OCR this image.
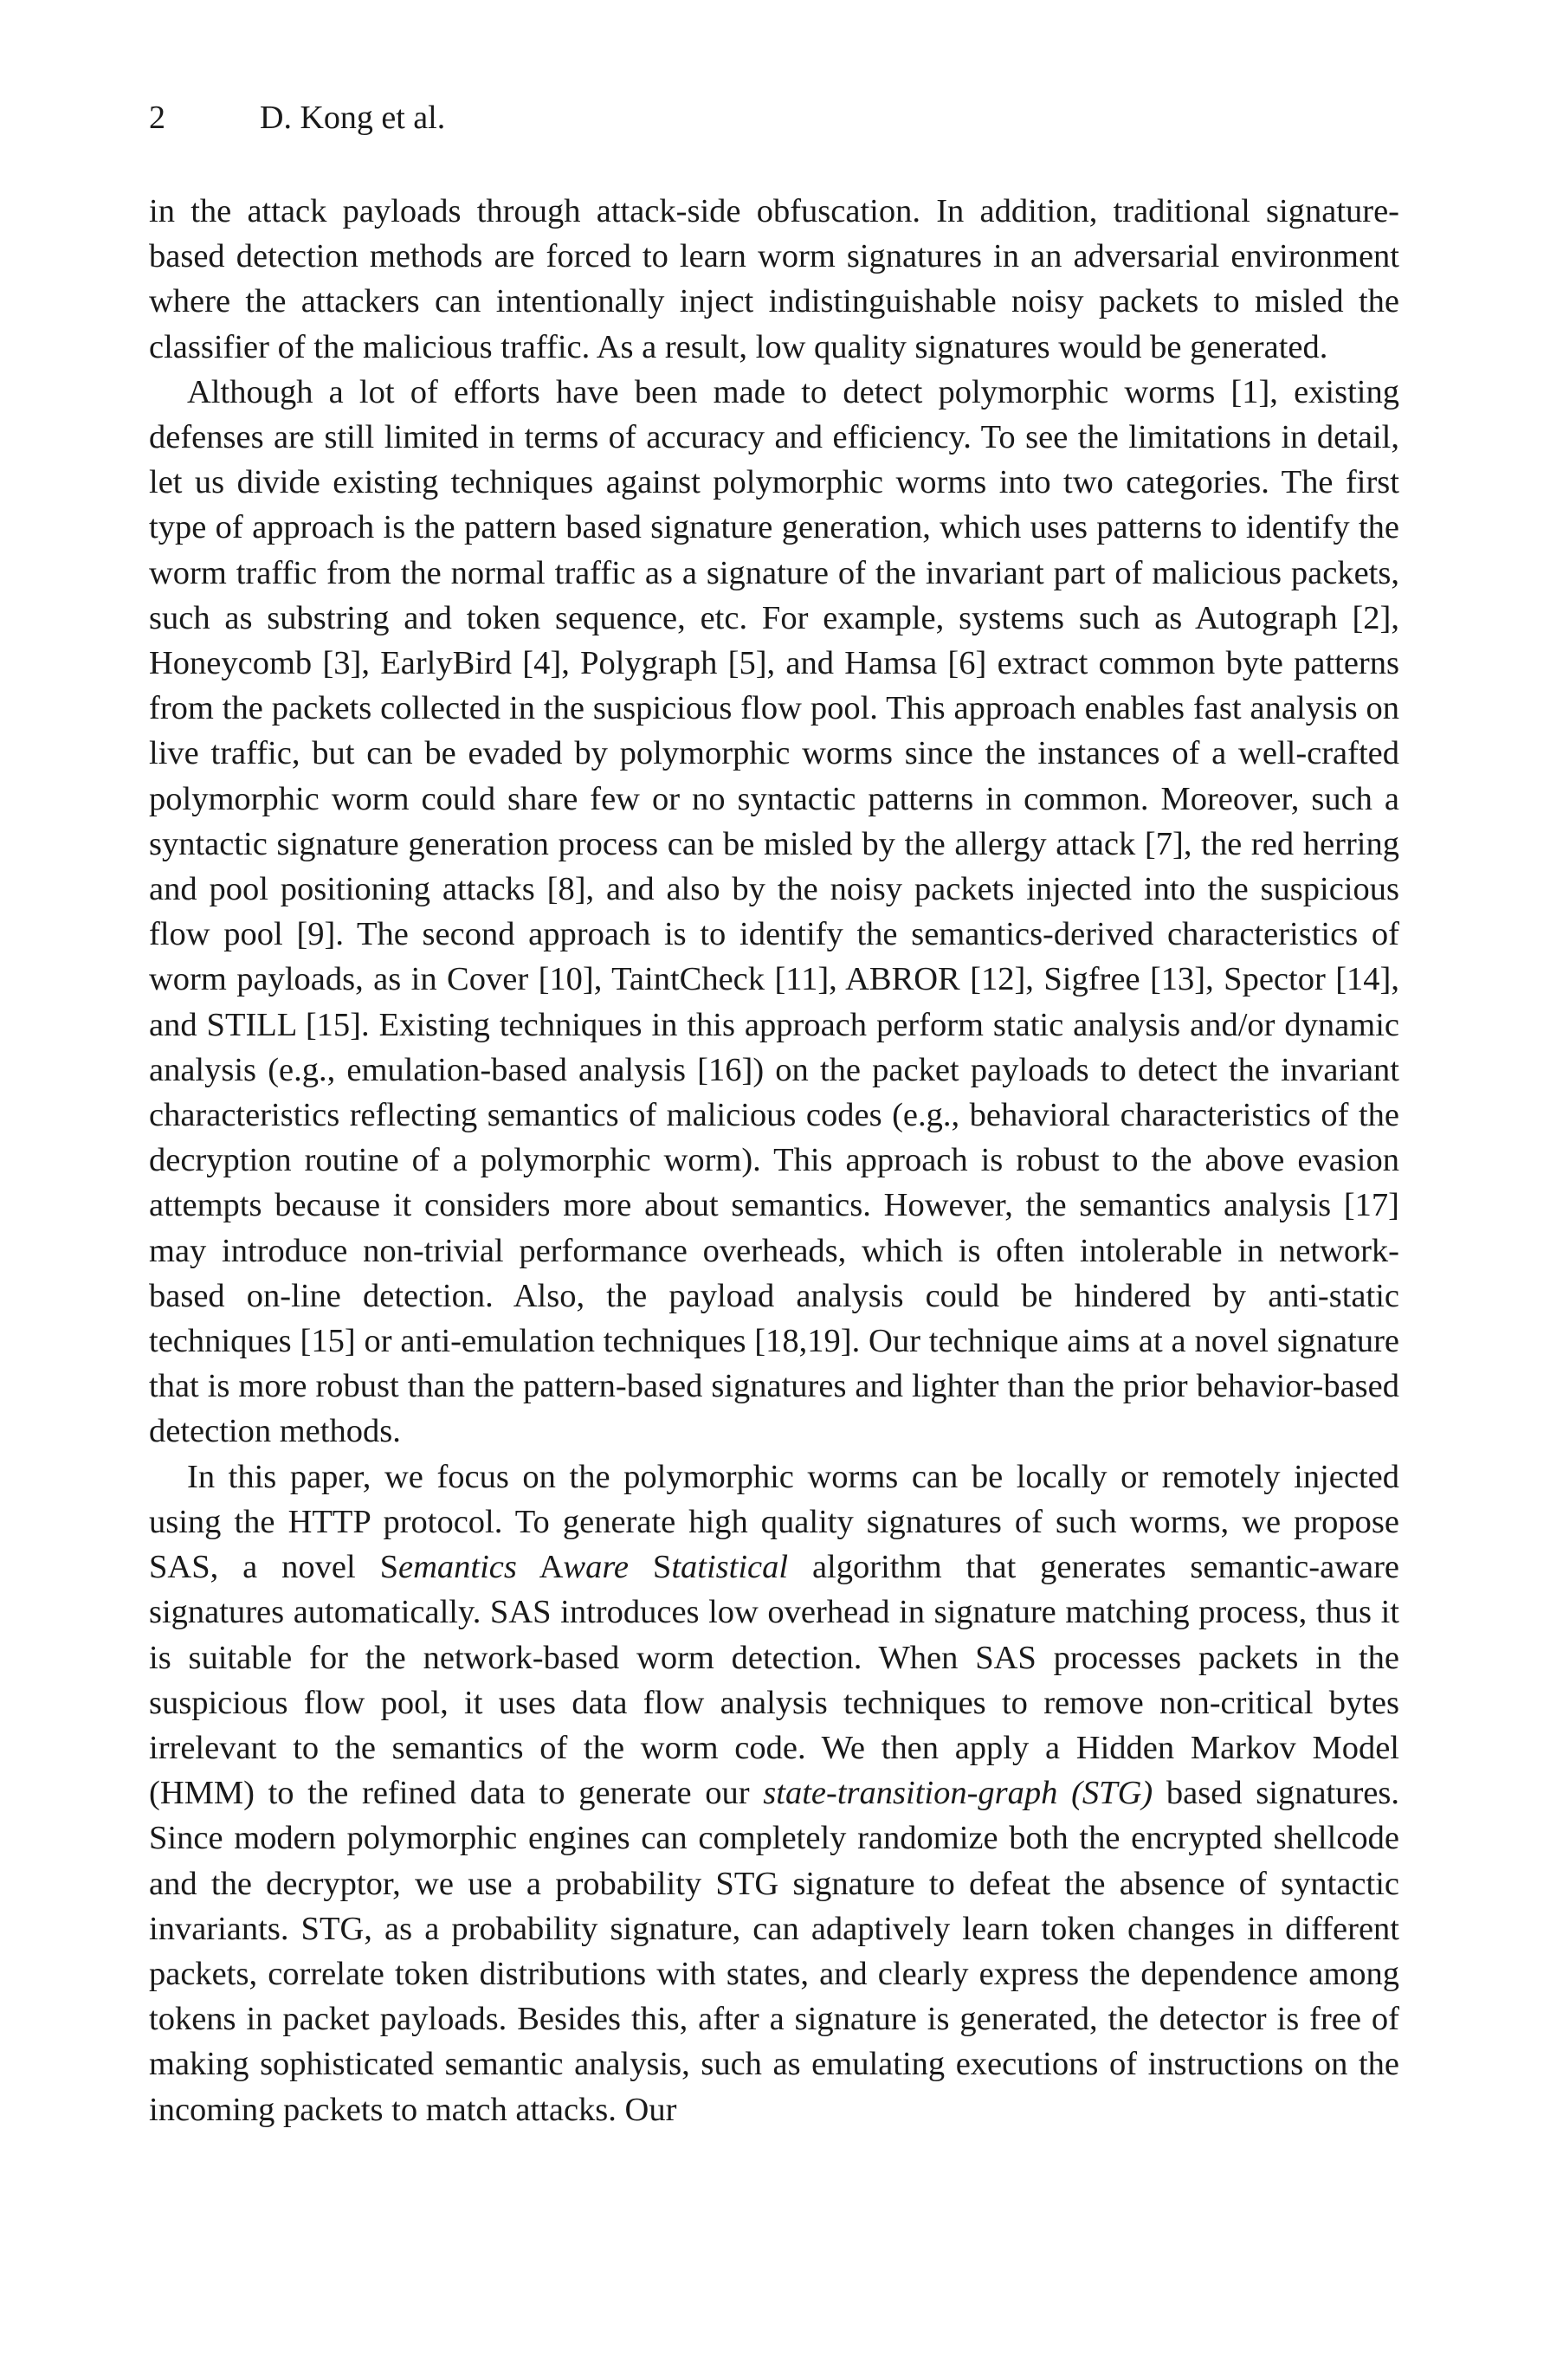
2	D. Kong et al.

in the attack payloads through attack-side obfuscation. In addition, traditional signature-based detection methods are forced to learn worm signatures in an adversarial environment where the attackers can intentionally inject indistinguishable noisy packets to misled the classifier of the malicious traffic. As a result, low quality signatures would be generated.

Although a lot of efforts have been made to detect polymorphic worms [1], existing defenses are still limited in terms of accuracy and efficiency. To see the limitations in detail, let us divide existing techniques against polymorphic worms into two categories. The first type of approach is the pattern based signature generation, which uses patterns to identify the worm traffic from the normal traffic as a signature of the invariant part of malicious packets, such as substring and token sequence, etc. For example, systems such as Autograph [2], Honeycomb [3], EarlyBird [4], Polygraph [5], and Hamsa [6] extract common byte patterns from the packets collected in the suspicious flow pool. This approach enables fast analysis on live traffic, but can be evaded by polymorphic worms since the instances of a well-crafted polymorphic worm could share few or no syntactic patterns in common. Moreover, such a syntactic signature generation process can be misled by the allergy attack [7], the red herring and pool positioning attacks [8], and also by the noisy packets injected into the suspicious flow pool [9]. The second approach is to identify the semantics-derived characteristics of worm payloads, as in Cover [10], TaintCheck [11], ABROR [12], Sigfree [13], Spector [14], and STILL [15]. Existing techniques in this approach perform static analysis and/or dynamic analysis (e.g., emulation-based analysis [16]) on the packet payloads to detect the invariant characteristics reflecting semantics of malicious codes (e.g., behavioral characteristics of the decryption routine of a polymorphic worm). This approach is robust to the above evasion attempts because it considers more about semantics. However, the semantics analysis [17] may introduce non-trivial performance overheads, which is often intolerable in network-based on-line detection. Also, the payload analysis could be hindered by anti-static techniques [15] or anti-emulation techniques [18,19]. Our technique aims at a novel signature that is more robust than the pattern-based signatures and lighter than the prior behavior-based detection methods.

In this paper, we focus on the polymorphic worms can be locally or remotely injected using the HTTP protocol. To generate high quality signatures of such worms, we propose SAS, a novel Semantics Aware Statistical algorithm that generates semantic-aware signatures automatically. SAS introduces low overhead in signature matching process, thus it is suitable for the network-based worm detection. When SAS processes packets in the suspicious flow pool, it uses data flow analysis techniques to remove non-critical bytes irrelevant to the semantics of the worm code. We then apply a Hidden Markov Model (HMM) to the refined data to generate our state-transition-graph (STG) based signatures. Since modern polymorphic engines can completely randomize both the encrypted shellcode and the decryptor, we use a probability STG signature to defeat the absence of syntactic invariants. STG, as a probability signature, can adaptively learn token changes in different packets, correlate token distributions with states, and clearly express the dependence among tokens in packet payloads. Besides this, after a signature is generated, the detector is free of making sophisticated semantic analysis, such as emulating executions of instructions on the incoming packets to match attacks. Our
